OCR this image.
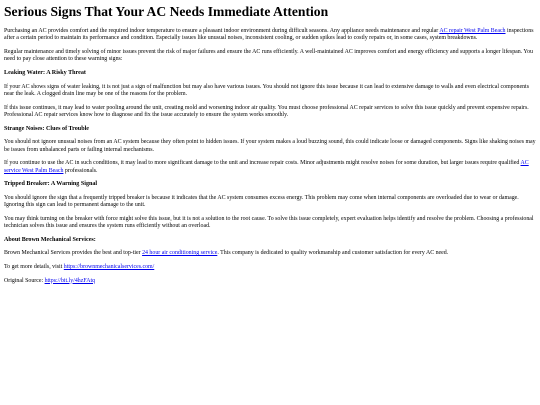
Serious Signs That Your AC Needs Immediate Attention

Purchasing an AC provides comfort and the required indoor temperature to ensure a pleasant indoor environment during difficult seasons. Any appliance needs maintenance and regular AC repair West Palm Beach inspections after a certain period to maintain its performance and condition. Especially issues like unusual noises, inconsistent cooling, or sudden spikes lead to costly repairs or, in some cases, system breakdowns.

Regular maintenance and timely solving of minor issues prevent the risk of major failures and ensure the AC runs efficiently. A well-maintained AC improves comfort and energy efficiency and supports a longer lifespan. You need to pay close attention to these warning signs:

Leaking Water: A Risky Threat

If your AC shows signs of water leaking, it is not just a sign of malfunction but may also have various issues. You should not ignore this issue because it can lead to extensive damage to walls and even electrical components near the leak. A clogged drain line may be one of the reasons for the problem.

If this issue continues, it may lead to water pooling around the unit, creating mold and worsening indoor air quality. You must choose professional AC repair services to solve this issue quickly and prevent expensive repairs. Professional AC repair services know how to diagnose and fix the issue accurately to ensure the system works smoothly.

Strange Noises: Clues of Trouble

You should not ignore unusual noises from an AC system because they often point to hidden issues. If your system makes a loud buzzing sound, this could indicate loose or damaged components. Signs like shaking noises may be issues from unbalanced parts or failing internal mechanisms.

If you continue to use the AC in such conditions, it may lead to more significant damage to the unit and increase repair costs. Minor adjustments might resolve noises for some duration, but larger issues require qualified AC service West Palm Beach professionals.

Tripped Breaker: A Warning Signal

You should ignore the sign that a frequently tripped breaker is because it indicates that the AC system consumes excess energy. This problem may come when internal components are overloaded due to wear or damage. Ignoring this sign can lead to permanent damage to the unit.

You may think turning on the breaker with force might solve this issue, but it is not a solution to the root cause. To solve this issue completely, expert evaluation helps identify and resolve the problem. Choosing a professional technician solves this issue and ensures the system runs efficiently without an overload.

About Brown Mechanical Services:

Brown Mechanical Services provides the best and top-tier 24 hour air conditioning service. This company is dedicated to quality workmanship and customer satisfaction for every AC need.

To get more details, visit https://brownmechanicalservices.com/

Original Source: https://bit.ly/4hzFAtq
